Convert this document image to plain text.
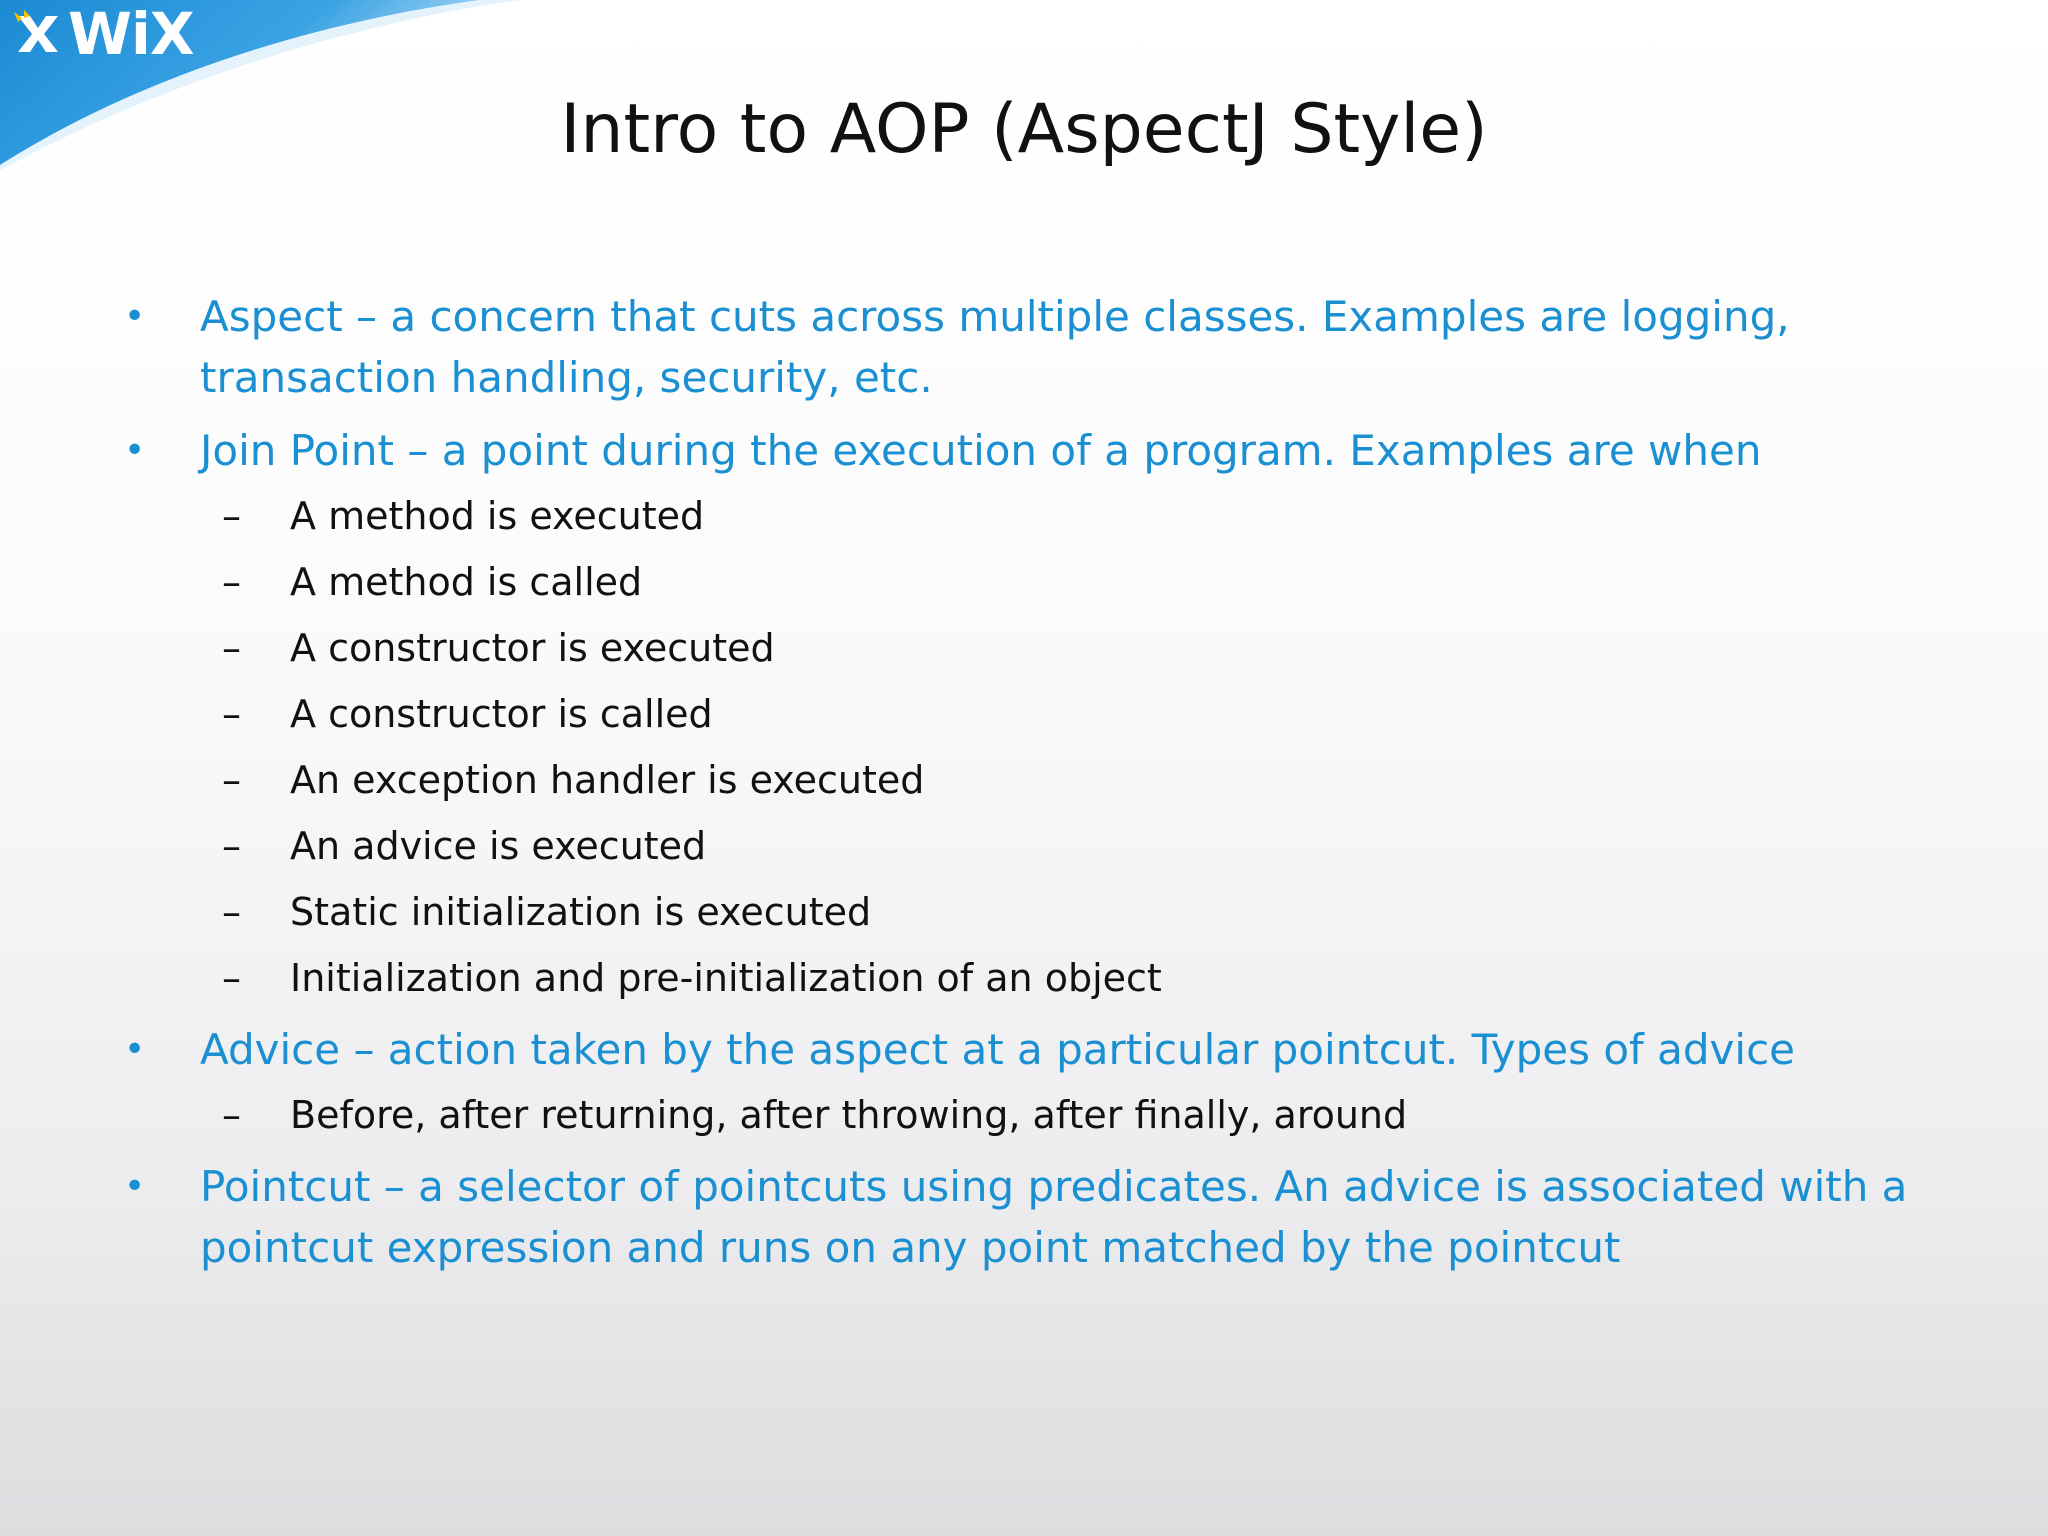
WiX
Intro to AOP (AspectJ Style)
• Aspect – a concern that cuts across multiple classes. Examples are logging,
transaction handling, security, etc.
• Join Point – a point during the execution of a program. Examples are when
– A method is executed
– A method is called
– A constructor is executed
– A constructor is called
– An exception handler is executed
– An advice is executed
– Static initialization is executed
– Initialization and pre-initialization of an object
• Advice – action taken by the aspect at a particular pointcut. Types of advice
– Before, after returning, after throwing, after finally, around
• Pointcut – a selector of pointcuts using predicates. An advice is associated with a
pointcut expression and runs on any point matched by the pointcut
